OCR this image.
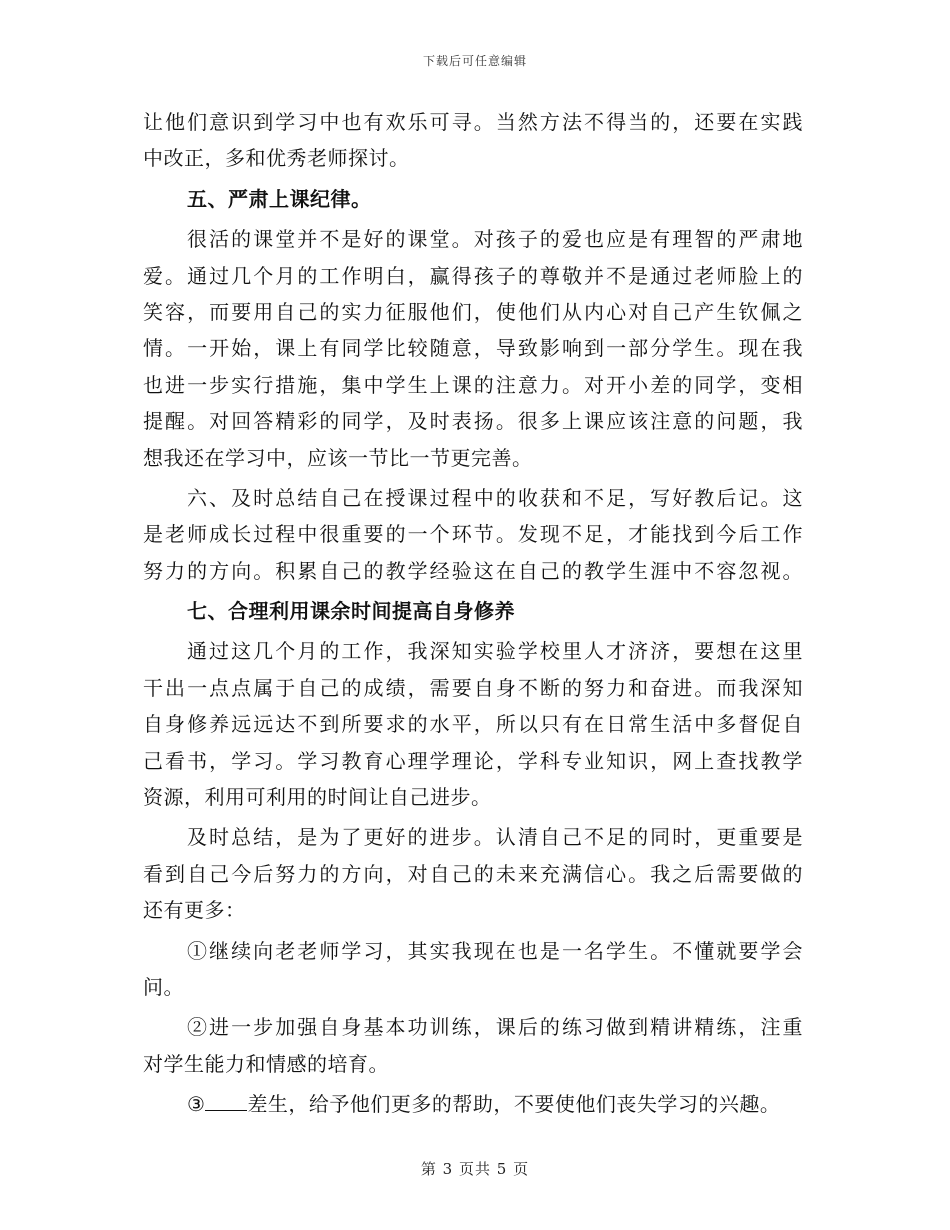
下载后可任意编辑
让他们意识到学习中也有欢乐可寻。当然方法不得当的，还要在实践
中改正，多和优秀老师探讨。
五、严肃上课纪律。
很活的课堂并不是好的课堂。对孩子的爱也应是有理智的严肃地
爱。通过几个月的工作明白，赢得孩子的尊敬并不是通过老师脸上的
笑容，而要用自己的实力征服他们，使他们从内心对自己产生钦佩之
情。一开始，课上有同学比较随意，导致影响到一部分学生。现在我
也进一步实行措施，集中学生上课的注意力。对开小差的同学，变相
提醒。对回答精彩的同学，及时表扬。很多上课应该注意的问题，我
想我还在学习中，应该一节比一节更完善。
六、及时总结自己在授课过程中的收获和不足，写好教后记。这
是老师成长过程中很重要的一个环节。发现不足，才能找到今后工作
努力的方向。积累自己的教学经验这在自己的教学生涯中不容忽视。
七、合理利用课余时间提高自身修养
通过这几个月的工作，我深知实验学校里人才济济，要想在这里
干出一点点属于自己的成绩，需要自身不断的努力和奋进。而我深知
自身修养远远达不到所要求的水平，所以只有在日常生活中多督促自
己看书，学习。学习教育心理学理论，学科专业知识，网上查找教学
资源，利用可利用的时间让自己进步。
及时总结，是为了更好的进步。认清自己不足的同时，更重要是
看到自己今后努力的方向，对自己的未来充满信心。我之后需要做的
还有更多：
①继续向老老师学习，其实我现在也是一名学生。不懂就要学会
问。
②进一步加强自身基本功训练，课后的练习做到精讲精练，注重
对学生能力和情感的培育。
③ 差生，给予他们更多的帮助，不要使他们丧失学习的兴趣。
第 3 页共 5 页
